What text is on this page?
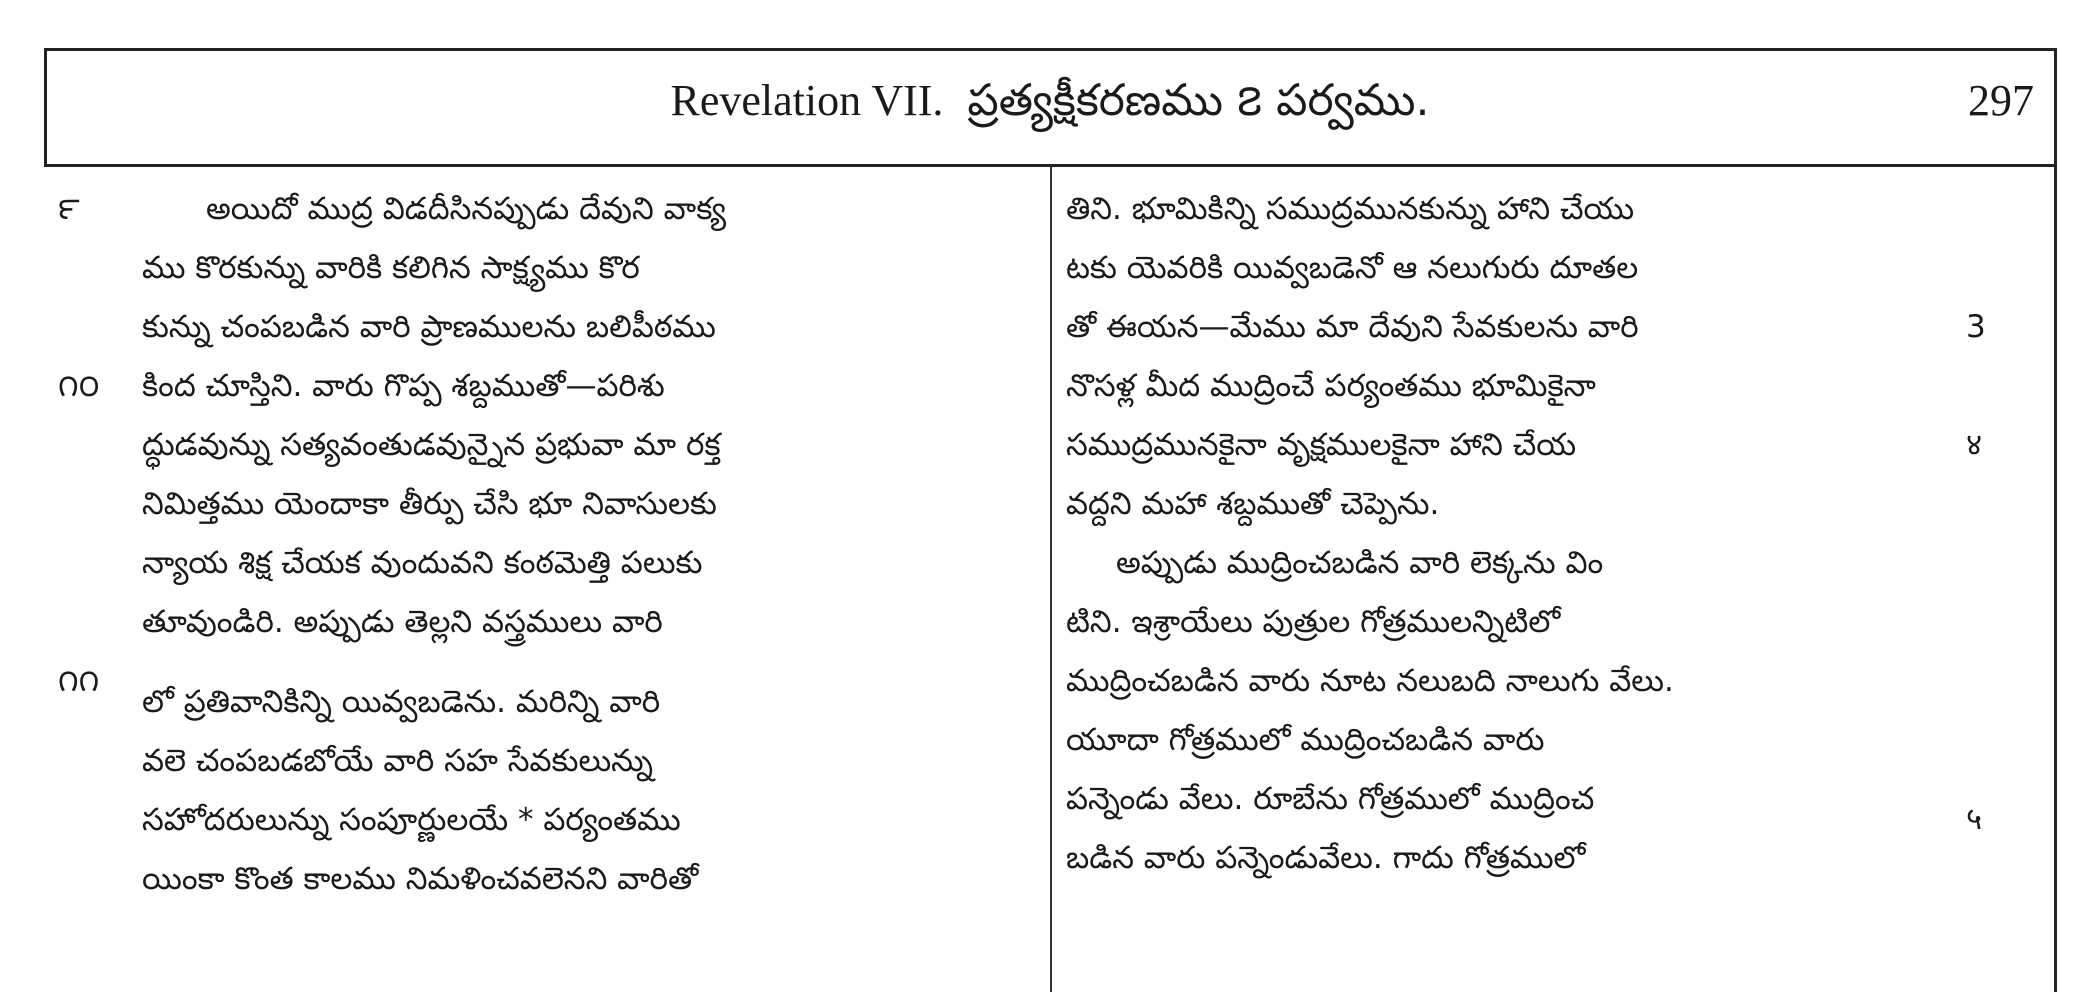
Revelation VII. ప్రత్యక్షీకరణము ౭ పర్వము.	297
౯
౧౦
౧౧
అయిదో ముద్ర విడదీసినప్పుడు దేవుని వాక్య
ము కొరకున్ను వారికి కలిగిన సాక్ష్యము కొర
కున్ను చంపబడిన వారి ప్రాణములను బలిపీఠము
కింద చూస్తిని. వారు గొప్ప శబ్దముతో—పరిశు
ద్ధుడవున్ను సత్యవంతుడవున్నైన ప్రభువా మా రక్త
నిమిత్తము యెందాకా తీర్పు చేసి భూ నివాసులకు
న్యాయ శిక్ష చేయక వుందువని కంఠమెత్తి పలుకు
తూవుండిరి. అప్పుడు తెల్లని వస్త్రములు వారి
లో ప్రతివానికిన్ని యివ్వబడెను. మరిన్ని వారి
వలె చంపబడబోయే వారి సహ సేవకులున్ను
సహోదరులున్ను సంపూర్ణులయే * పర్యంతము
యింకా కొంత కాలము నిమళించవలెనని వారితో
3
४
५
తిని. భూమికిన్ని సముద్రమునకున్ను హాని చేయు
టకు యెవరికి యివ్వబడెనో ఆ నలుగురు దూతల
తో ఈయన—మేము మా దేవుని సేవకులను వారి
నొసళ్ల మీద ముద్రించే పర్యంతము భూమికైనా
సముద్రమునకైనా వృక్షములకైనా హాని చేయ
వద్దని మహా శబ్దముతో చెప్పెను.
అప్పుడు ముద్రించబడిన వారి లెక్కను విం
టిని. ఇశ్రాయేలు పుత్రుల గోత్రములన్నిటిలో
ముద్రించబడిన వారు నూట నలుబది నాలుగు వేలు.
యూదా గోత్రములో ముద్రించబడిన వారు
పన్నెండు వేలు. రూబేను గోత్రములో ముద్రించ
బడిన వారు పన్నెండువేలు. గాదు గోత్రములో
